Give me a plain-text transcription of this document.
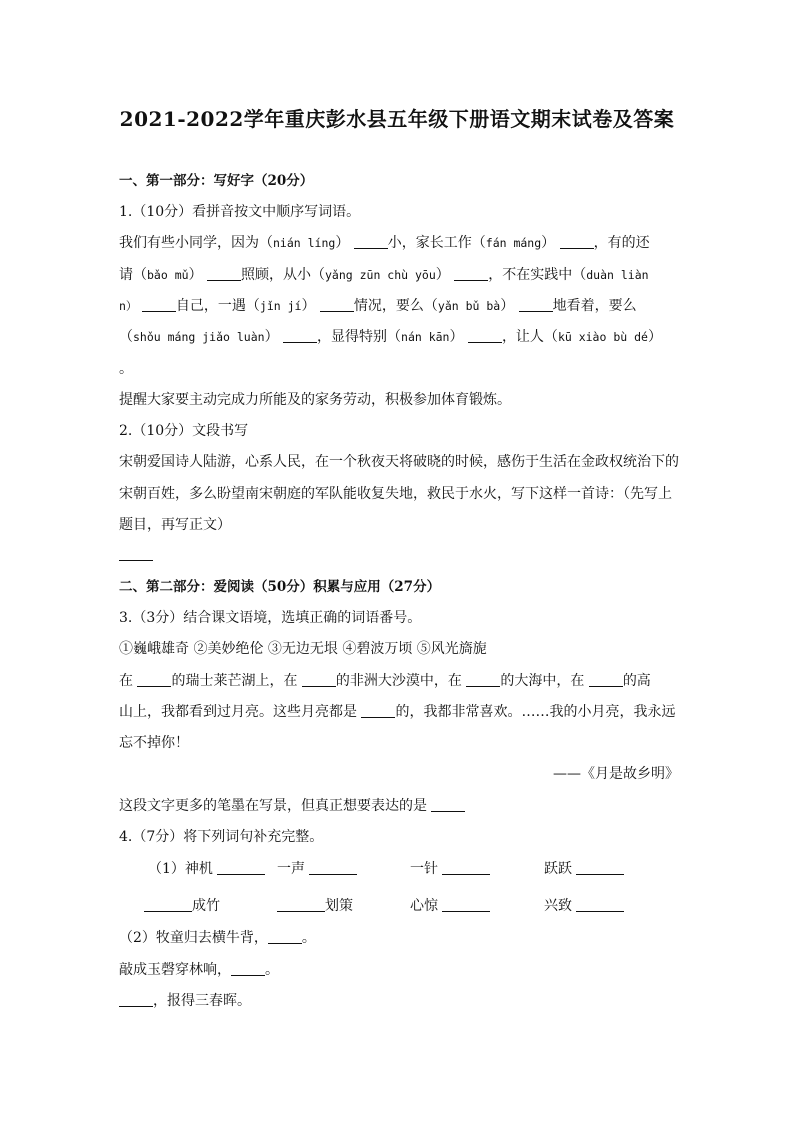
2021-2022学年重庆彭水县五年级下册语文期末试卷及答案
一、第一部分：写好字（20分）
1.（10分）看拼音按文中顺序写词语。
我们有些小同学，因为（nián líng）	小，家长工作（fán máng）	，有的还
请（bǎo mǔ）	照顾，从小（yǎng zūn chù yōu）	，不在实践中（duàn liàn
n）	自己，一遇（jǐn jí）	情况，要么（yǎn bǔ bà）	地看着，要么
（shǒu máng jiǎo luàn）	，显得特别（nán kān）	，让人（kū xiào bù dé）
。
提醒大家要主动完成力所能及的家务劳动，积极参加体育锻炼。
2.（10分）文段书写
宋朝爱国诗人陆游，心系人民，在一个秋夜天将破晓的时候，感伤于生活在金政权统治下的
宋朝百姓，多么盼望南宋朝庭的军队能收复失地，救民于水火，写下这样一首诗：（先写上
题目，再写正文）
二、第二部分：爱阅读（50分）积累与应用（27分）
3.（3分）结合课文语境，选填正确的词语番号。
①巍峨雄奇 ②美妙绝伦 ③无边无垠 ④碧波万顷 ⑤风光旖旎
在 的瑞士莱芒湖上，在 的非洲大沙漠中，在 的大海中，在 的高
山上，我都看到过月亮。这些月亮都是 的，我都非常喜欢。……我的小月亮，我永远
忘不掉你！
——《月是故乡明》
这段文字更多的笔墨在写景，但真正想要表达的是
4.（7分）将下列词句补充完整。
（1）神机	一声	一针	跃跃
成竹	划策	心惊	兴致
（2）牧童归去横牛背， 。
敲成玉磬穿林响， 。
，报得三春晖。
